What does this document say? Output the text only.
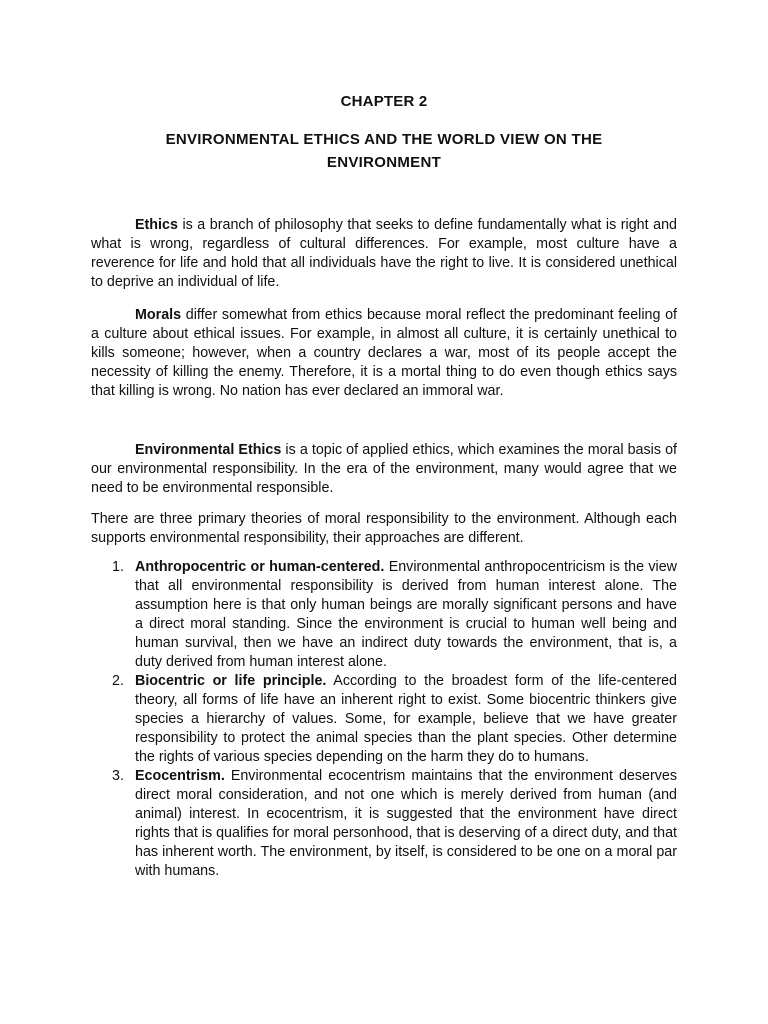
CHAPTER 2
ENVIRONMENTAL ETHICS AND THE WORLD VIEW ON THE ENVIRONMENT

Ethics is a branch of philosophy that seeks to define fundamentally what is right and what is wrong, regardless of cultural differences. For example, most culture have a reverence for life and hold that all individuals have the right to live. It is considered unethical to deprive an individual of life.

Morals differ somewhat from ethics because moral reflect the predominant feeling of a culture about ethical issues. For example, in almost all culture, it is certainly unethical to kills someone; however, when a country declares a war, most of its people accept the necessity of killing the enemy. Therefore, it is a mortal thing to do even though ethics says that killing is wrong. No nation has ever declared an immoral war.

Environmental Ethics is a topic of applied ethics, which examines the moral basis of our environmental responsibility. In the era of the environment, many would agree that we need to be environmental responsible.

There are three primary theories of moral responsibility to the environment. Although each supports environmental responsibility, their approaches are different.

1. Anthropocentric or human-centered. Environmental anthropocentricism is the view that all environmental responsibility is derived from human interest alone. The assumption here is that only human beings are morally significant persons and have a direct moral standing. Since the environment is crucial to human well being and human survival, then we have an indirect duty towards the environment, that is, a duty derived from human interest alone.
2. Biocentric or life principle. According to the broadest form of the life-centered theory, all forms of life have an inherent right to exist. Some biocentric thinkers give species a hierarchy of values. Some, for example, believe that we have greater responsibility to protect the animal species than the plant species. Other determine the rights of various species depending on the harm they do to humans.
3. Ecocentrism. Environmental ecocentrism maintains that the environment deserves direct moral consideration, and not one which is merely derived from human (and animal) interest. In ecocentrism, it is suggested that the environment have direct rights that is qualifies for moral personhood, that is deserving of a direct duty, and that has inherent worth. The environment, by itself, is considered to be one on a moral par with humans.
